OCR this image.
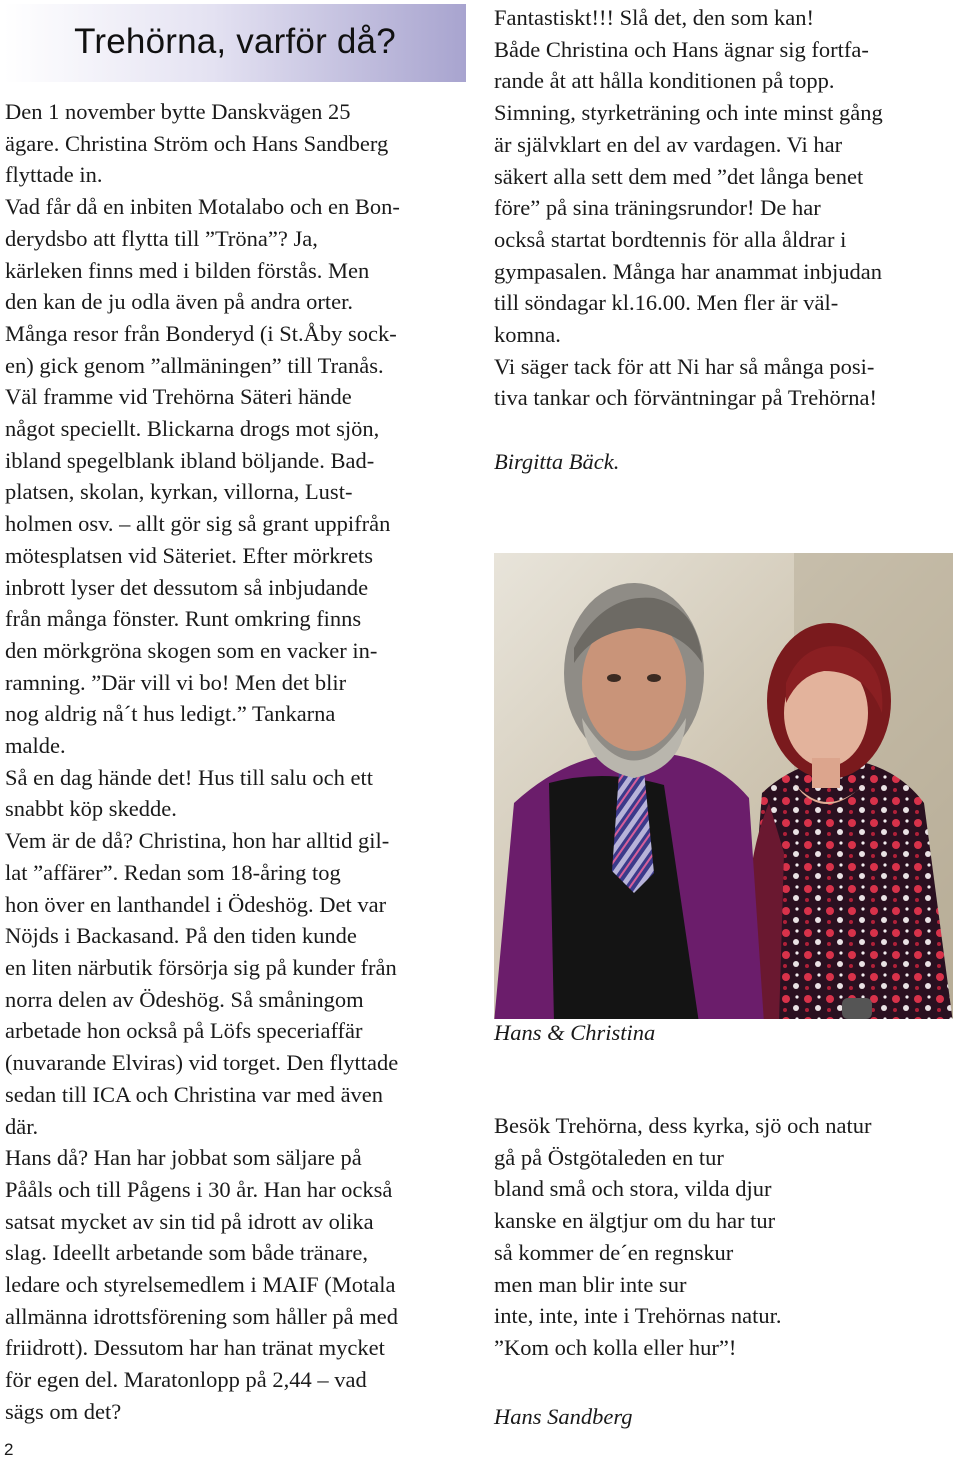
Trehörna, varför då?

Den 1 november bytte Danskvägen 25

ägare. Christina Ström och Hans Sandberg

flyttade in.

Vad får då en inbiten Motalabo och en Bon-

derydsbo att flytta till ”Tröna”? Ja,

kärleken finns med i bilden förstås. Men

den kan de ju odla även på andra orter.

Många resor från Bonderyd (i St.Åby sock-

en) gick genom ”allmäningen” till Tranås.

Väl framme vid Trehörna Säteri hände

något speciellt. Blickarna drogs mot sjön,

ibland spegelblank ibland böljande. Bad-

platsen, skolan, kyrkan, villorna, Lust-

holmen osv. – allt gör sig så grant uppifrån

mötesplatsen vid Säteriet. Efter mörkrets

inbrott lyser det dessutom så inbjudande

från många fönster. Runt omkring finns

den mörkgröna skogen som en vacker in-

ramning. ”Där vill vi bo! Men det blir

nog aldrig nå´t hus ledigt.” Tankarna

malde.

Så en dag hände det! Hus till salu och ett

snabbt köp skedde.

Vem är de då? Christina, hon har alltid gil-

lat ”affärer”. Redan som 18-åring tog

hon över en lanthandel i Ödeshög. Det var

Nöjds i Backasand. På den tiden kunde

en liten närbutik försörja sig på kunder från

norra delen av Ödeshög. Så småningom

arbetade hon också på Löfs speceriaffär

(nuvarande Elviras) vid torget. Den flyttade

sedan till ICA och Christina var med även

där.

Hans då? Han har jobbat som säljare på

Pååls och till Pågens i 30 år. Han har också

satsat mycket av sin tid på idrott av olika

slag. Ideellt arbetande som både tränare,

ledare och styrelsemedlem i MAIF (Motala

allmänna idrottsförening som håller på med

friidrott). Dessutom har han tränat mycket

för egen del. Maratonlopp på 2,44 – vad

sägs om det?

Fantastiskt!!! Slå det, den som kan!

Både Christina och Hans ägnar sig fortfa-

rande åt att hålla konditionen på topp.

Simning, styrketräning och inte minst gång

är självklart en del av vardagen. Vi har

säkert alla sett dem med ”det långa benet

före” på sina träningsrundor! De har

också startat bordtennis för alla åldrar i

gympasalen. Många har anammat inbjudan

till söndagar kl.16.00. Men fler är väl-

komna.

Vi säger tack för att Ni har så många posi-

tiva tankar och förväntningar på Trehörna!

Birgitta Bäck.

Hans & Christina

Besök Trehörna, dess kyrka, sjö och natur

gå på Östgötaleden en tur

bland små och stora, vilda djur

kanske en älgtjur om du har tur

så kommer de´en regnskur

men man blir inte sur

inte, inte, inte i Trehörnas natur.

”Kom och kolla eller hur”!

Hans Sandberg
2
